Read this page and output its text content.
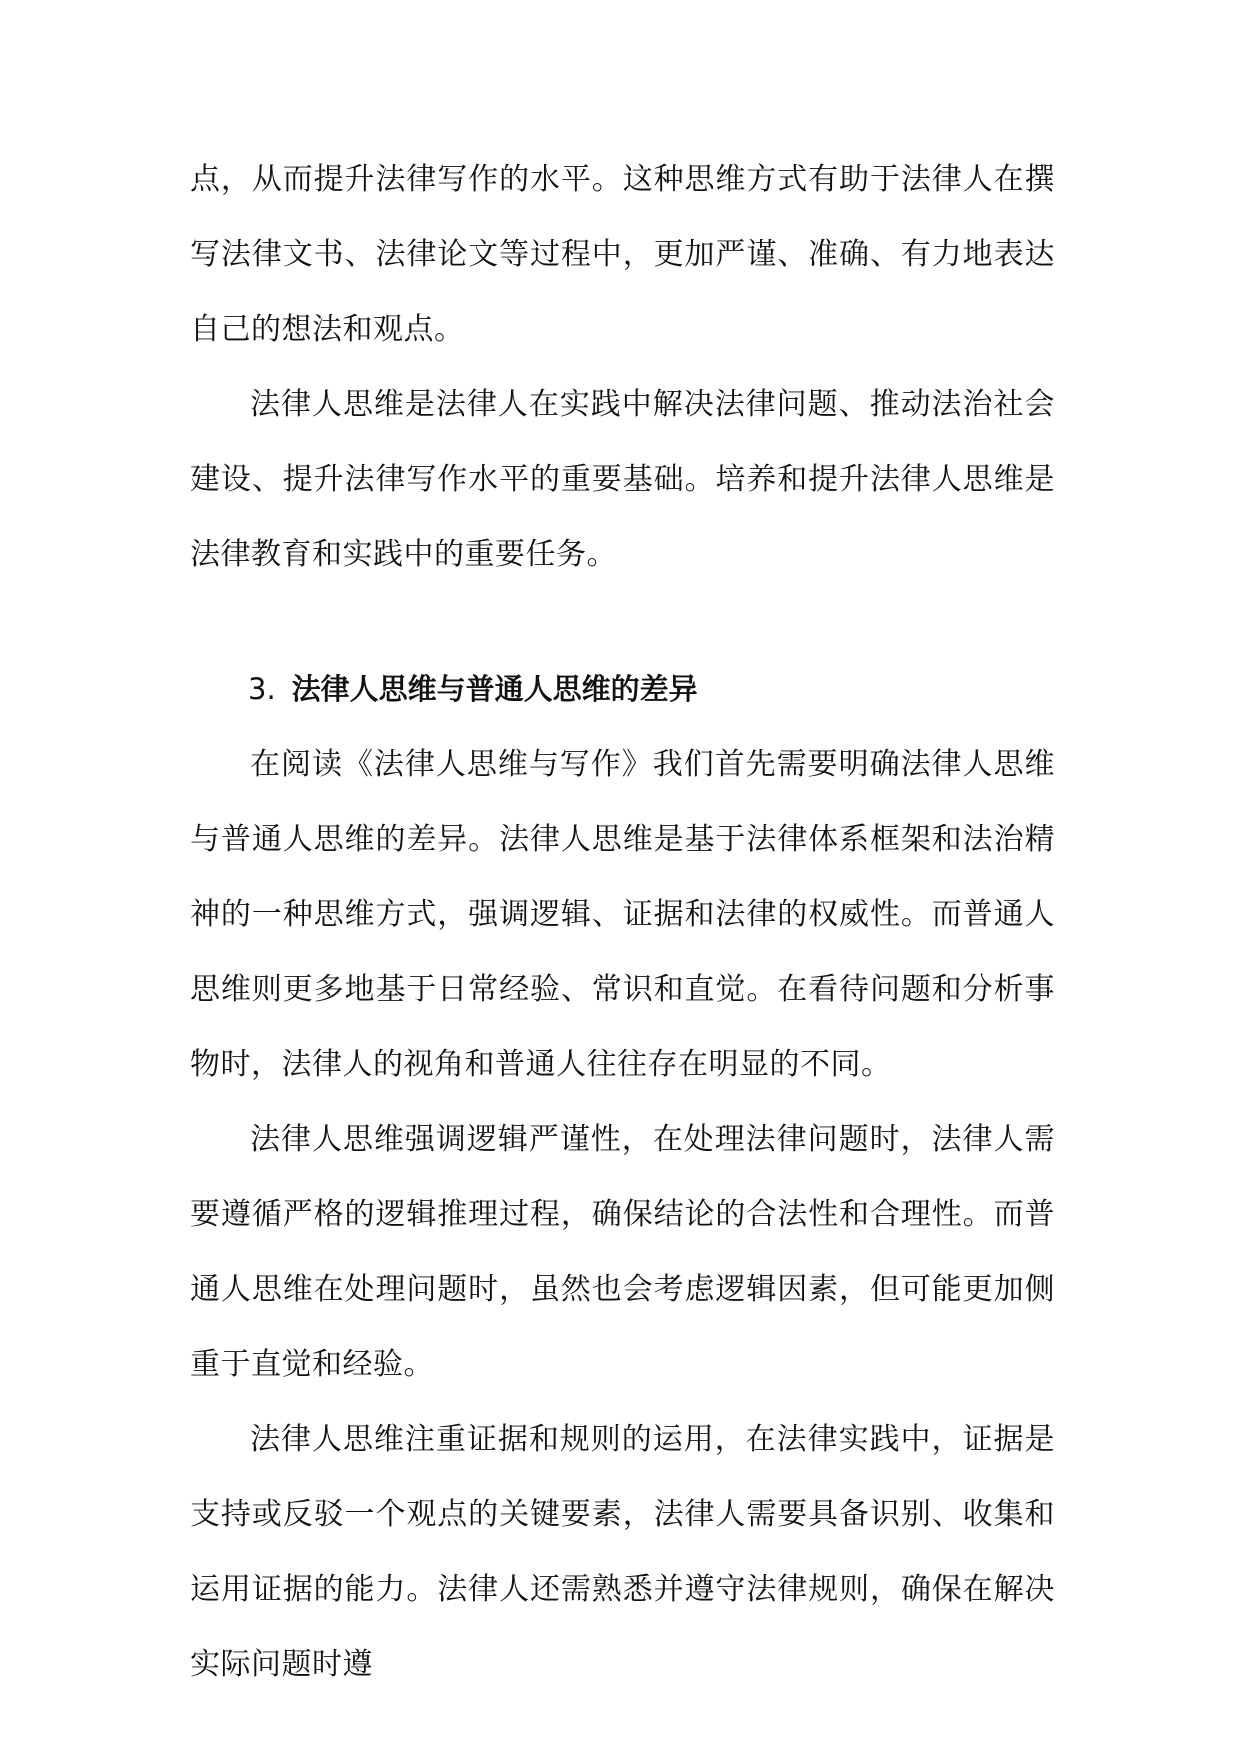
点，从而提升法律写作的水平。这种思维方式有助于法律人在撰写法律文书、法律论文等过程中，更加严谨、准确、有力地表达自己的想法和观点。

法律人思维是法律人在实践中解决法律问题、推动法治社会建设、提升法律写作水平的重要基础。培养和提升法律人思维是法律教育和实践中的重要任务。

3. 法律人思维与普通人思维的差异

在阅读《法律人思维与写作》我们首先需要明确法律人思维与普通人思维的差异。法律人思维是基于法律体系框架和法治精神的一种思维方式，强调逻辑、证据和法律的权威性。而普通人思维则更多地基于日常经验、常识和直觉。在看待问题和分析事物时，法律人的视角和普通人往往存在明显的不同。

法律人思维强调逻辑严谨性，在处理法律问题时，法律人需要遵循严格的逻辑推理过程，确保结论的合法性和合理性。而普通人思维在处理问题时，虽然也会考虑逻辑因素，但可能更加侧重于直觉和经验。

法律人思维注重证据和规则的运用，在法律实践中，证据是支持或反驳一个观点的关键要素，法律人需要具备识别、收集和运用证据的能力。法律人还需熟悉并遵守法律规则，确保在解决实际问题时遵
